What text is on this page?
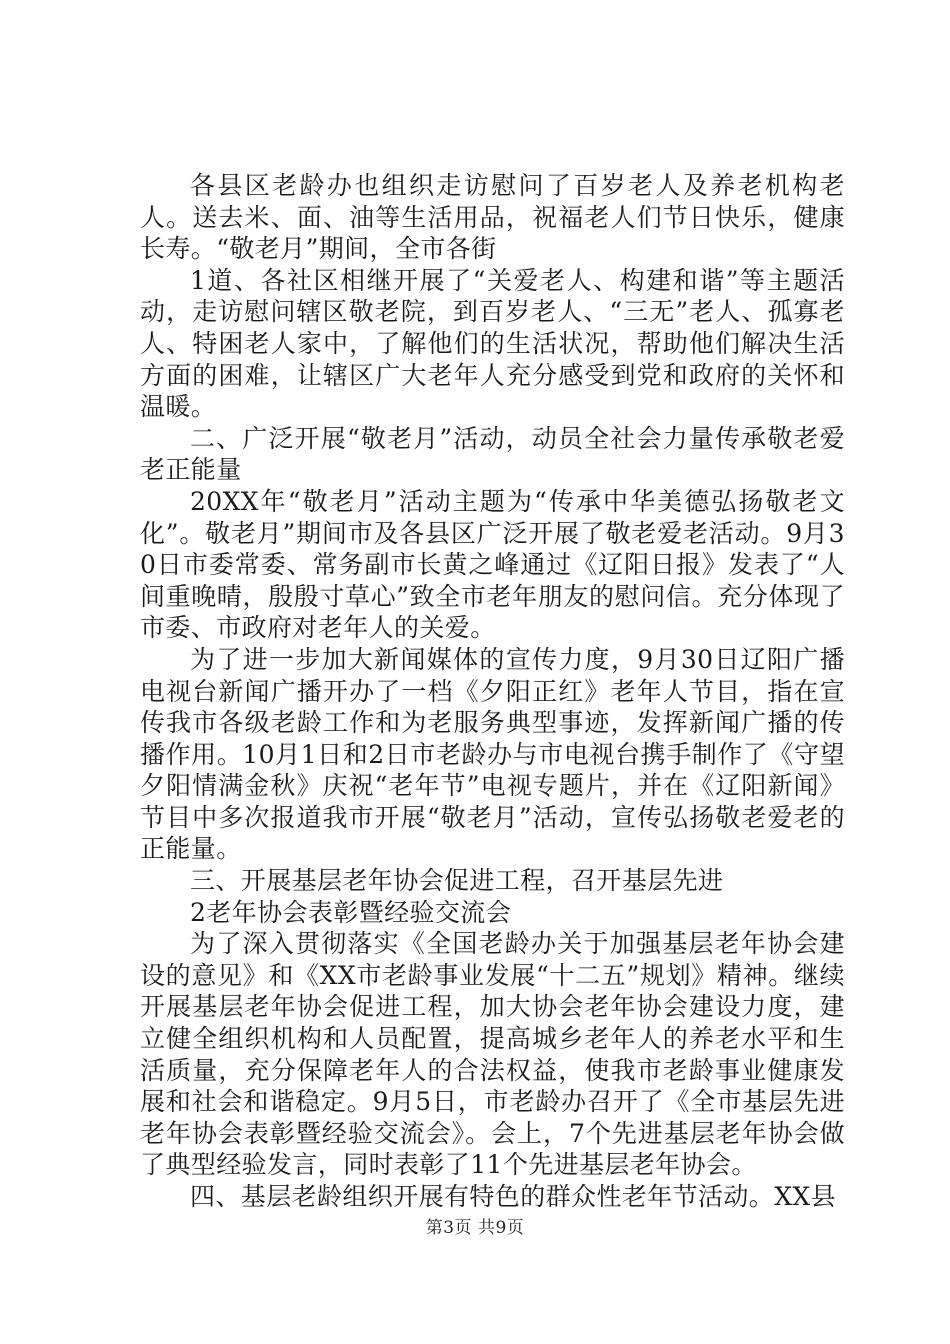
各县区老龄办也组织走访慰问了百岁老人及养老机构老人。送去米、面、油等生活用品，祝福老人们节日快乐，健康长寿。“敬老月”期间，全市各街

1道、各社区相继开展了“关爱老人、构建和谐”等主题活动，走访慰问辖区敬老院，到百岁老人、“三无”老人、孤寡老人、特困老人家中，了解他们的生活状况，帮助他们解决生活方面的困难，让辖区广大老年人充分感受到党和政府的关怀和温暖。

二、广泛开展“敬老月”活动，动员全社会力量传承敬老爱老正能量

20XX年“敬老月”活动主题为“传承中华美德弘扬敬老文化”。敬老月”期间市及各县区广泛开展了敬老爱老活动。9月30日市委常委、常务副市长黄之峰通过《辽阳日报》发表了“人间重晚晴，殷殷寸草心”致全市老年朋友的慰问信。充分体现了市委、市政府对老年人的关爱。

为了进一步加大新闻媒体的宣传力度，9月30日辽阳广播电视台新闻广播开办了一档《夕阳正红》老年人节目，指在宣传我市各级老龄工作和为老服务典型事迹，发挥新闻广播的传播作用。10月1日和2日市老龄办与市电视台携手制作了《守望夕阳情满金秋》庆祝“老年节”电视专题片，并在《辽阳新闻》节目中多次报道我市开展“敬老月”活动，宣传弘扬敬老爱老的正能量。

三、开展基层老年协会促进工程，召开基层先进

2老年协会表彰暨经验交流会

为了深入贯彻落实《全国老龄办关于加强基层老年协会建设的意见》和《XX市老龄事业发展“十二五”规划》精神。继续开展基层老年协会促进工程，加大协会老年协会建设力度，建立健全组织机构和人员配置，提高城乡老年人的养老水平和生活质量，充分保障老年人的合法权益，使我市老龄事业健康发展和社会和谐稳定。9月5日，市老龄办召开了《全市基层先进老年协会表彰暨经验交流会》。会上，7个先进基层老年协会做了典型经验发言，同时表彰了11个先进基层老年协会。

四、基层老龄组织开展有特色的群众性老年节活动。XX县

第3页 共9页
